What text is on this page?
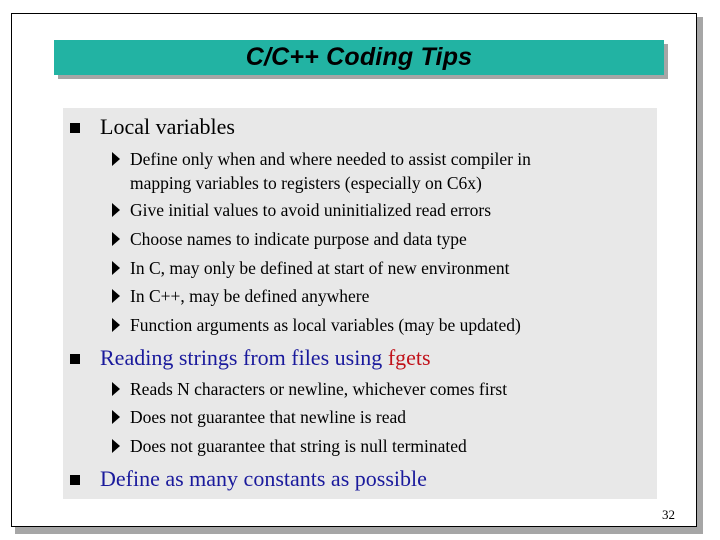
C/C++ Coding Tips
Local variables
Define only when and where needed to assist compiler in
mapping variables to registers (especially on C6x)
Give initial values to avoid uninitialized read errors
Choose names to indicate purpose and data type
In C, may only be defined at start of new environment
In C++, may be defined anywhere
Function arguments as local variables (may be updated)
Reading strings from files using fgets
Reads N characters or newline, whichever comes first
Does not guarantee that newline is read
Does not guarantee that string is null terminated
Define as many constants as possible
32
